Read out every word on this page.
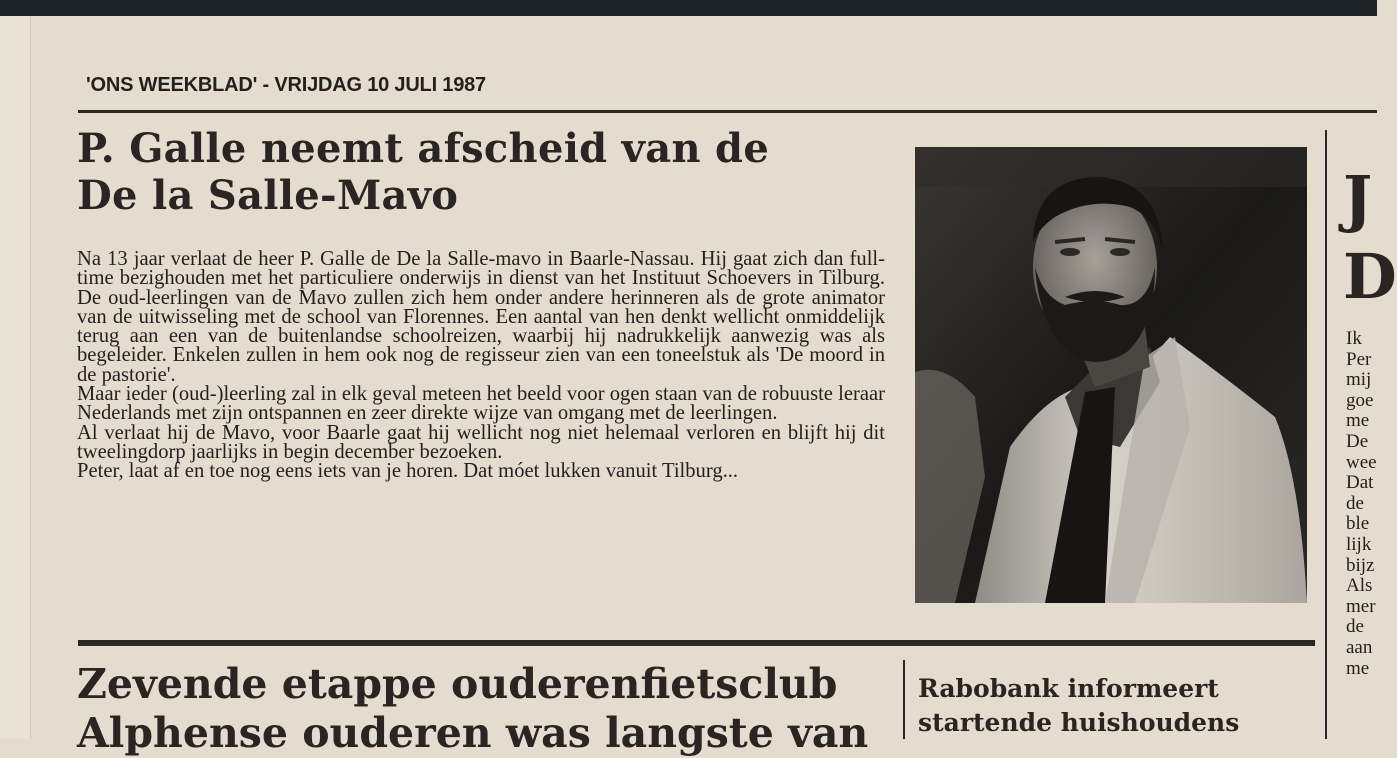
'ONS WEEKBLAD' - VRIJDAG 10 JULI 1987
P. Galle neemt afscheid van de
De la Salle-Mavo

Na 13 jaar verlaat de heer P. Galle de De la Salle-mavo in Baarle-Nassau. Hij gaat zich dan full-time bezighouden met het particuliere onderwijs in dienst van het Instituut Schoevers in Tilburg. De oud-leerlingen van de Mavo zullen zich hem onder andere herinneren als de grote animator van de uitwisseling met de school van Florennes. Een aantal van hen denkt wellicht onmiddelijk terug aan een van de buitenlandse schoolreizen, waarbij hij nadrukkelijk aanwezig was als begeleider. Enkelen zullen in hem ook nog de regisseur zien van een toneelstuk als 'De moord in de pastorie'.

Maar ieder (oud-)leerling zal in elk geval meteen het beeld voor ogen staan van de robuuste leraar Nederlands met zijn ontspannen en zeer direkte wijze van omgang met de leerlingen.

Al verlaat hij de Mavo, voor Baarle gaat hij wellicht nog niet helemaal verloren en blijft hij dit tweelingdorp jaarlijks in begin december bezoeken.

Peter, laat af en toe nog eens iets van je horen. Dat móet lukken vanuit Tilburg...

Zevende etappe ouderenfietsclub
Alphense ouderen was langste van
Rabobank informeert
startende huishoudens
J
D
Ik
Per
mij
goe
me
De
wee
Dat
de
ble
lijk
bijz
Als
mer
de
aan
me
